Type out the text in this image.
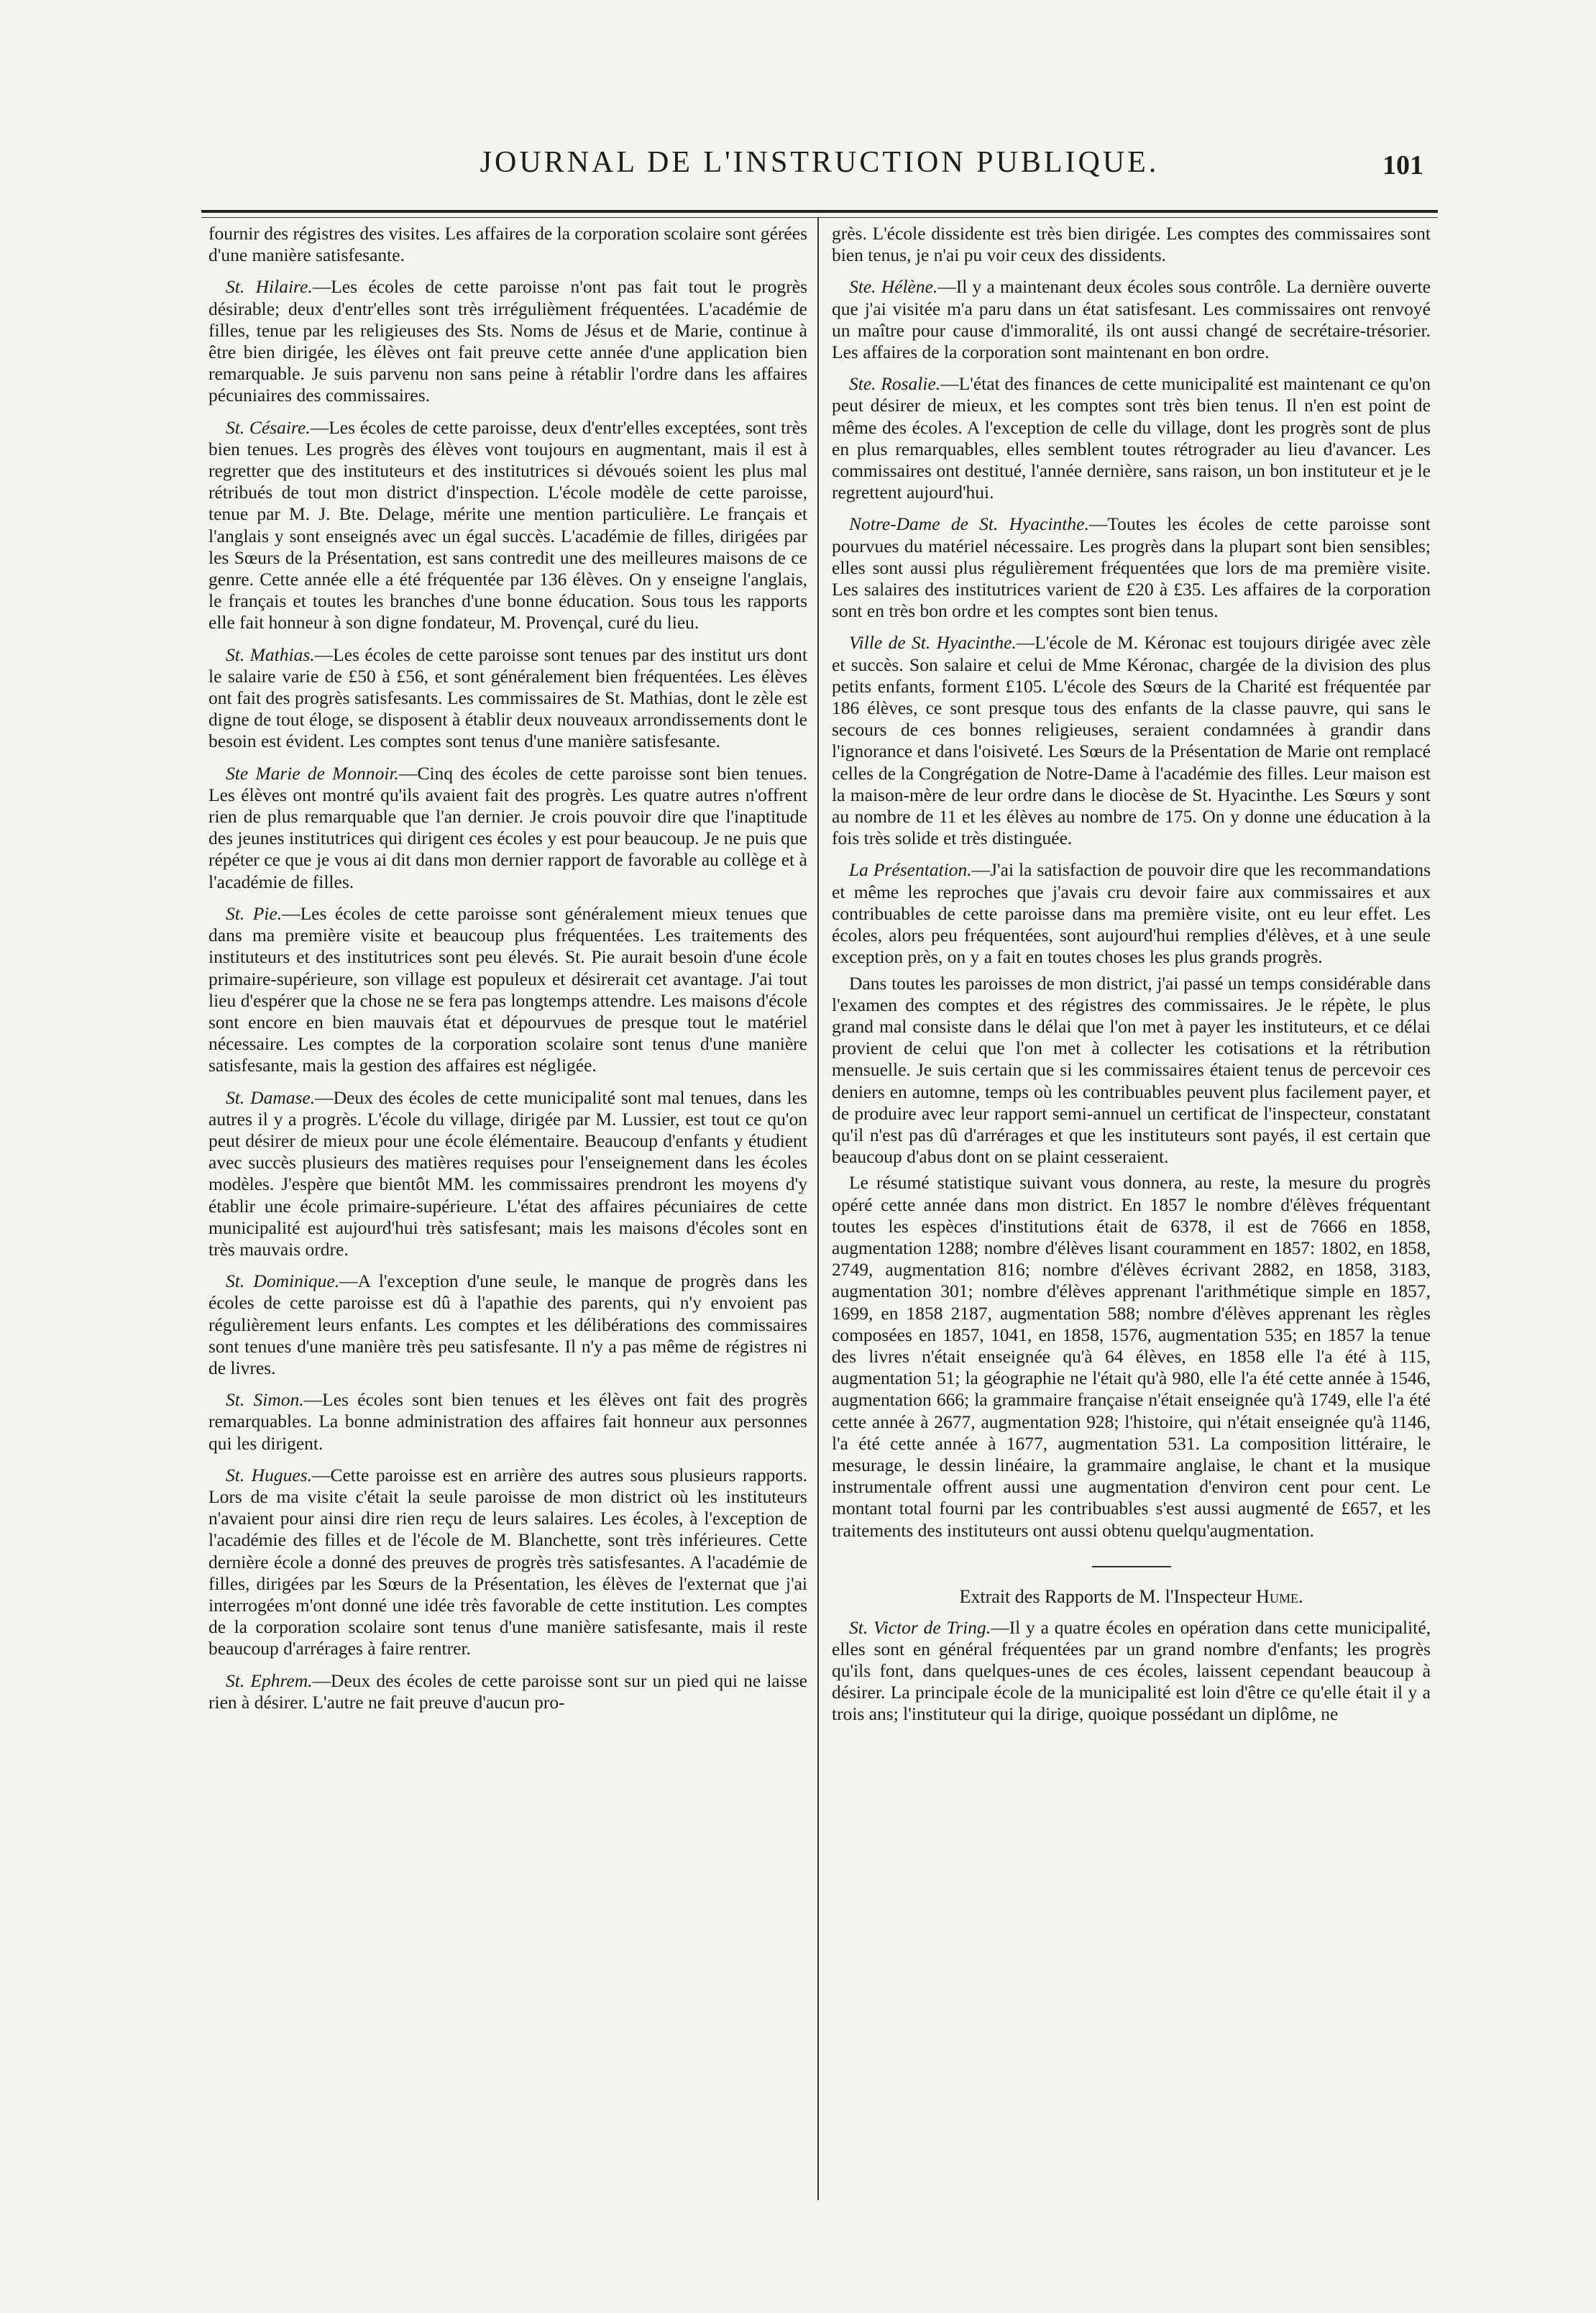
JOURNAL DE L'INSTRUCTION PUBLIQUE.	101

fournir des régistres des visites. Les affaires de la corporation scolaire sont gérées d'une manière satisfesante.

St. Hilaire.—Les écoles de cette paroisse n'ont pas fait tout le progrès désirable; deux d'entr'elles sont très irrégulièment fréquentées. L'académie de filles, tenue par les religieuses des Sts. Noms de Jésus et de Marie, continue à être bien dirigée, les élèves ont fait preuve cette année d'une application bien remarquable. Je suis parvenu non sans peine à rétablir l'ordre dans les affaires pécuniaires des commissaires.

St. Césaire.—Les écoles de cette paroisse, deux d'entr'elles exceptées, sont très bien tenues. Les progrès des élèves vont toujours en augmentant, mais il est à regretter que des instituteurs et des institutrices si dévoués soient les plus mal rétribués de tout mon district d'inspection. L'école modèle de cette paroisse, tenue par M. J. Bte. Delage, mérite une mention particulière. Le français et l'anglais y sont enseignés avec un égal succès. L'académie de filles, dirigées par les Sœurs de la Présentation, est sans contredit une des meilleures maisons de ce genre. Cette année elle a été fréquentée par 136 élèves. On y enseigne l'anglais, le français et toutes les branches d'une bonne éducation. Sous tous les rapports elle fait honneur à son digne fondateur, M. Provençal, curé du lieu.

St. Mathias.—Les écoles de cette paroisse sont tenues par des institut urs dont le salaire varie de £50 à £56, et sont généralement bien fréquentées. Les élèves ont fait des progrès satisfesants. Les commissaires de St. Mathias, dont le zèle est digne de tout éloge, se disposent à établir deux nouveaux arrondissements dont le besoin est évident. Les comptes sont tenus d'une manière satisfesante.

Ste Marie de Monnoir.—Cinq des écoles de cette paroisse sont bien tenues. Les élèves ont montré qu'ils avaient fait des progrès. Les quatre autres n'offrent rien de plus remarquable que l'an dernier. Je crois pouvoir dire que l'inaptitude des jeunes institutrices qui dirigent ces écoles y est pour beaucoup. Je ne puis que répéter ce que je vous ai dit dans mon dernier rapport de favorable au collège et à l'académie de filles.

St. Pie.—Les écoles de cette paroisse sont généralement mieux tenues que dans ma première visite et beaucoup plus fréquentées. Les traitements des instituteurs et des institutrices sont peu élevés. St. Pie aurait besoin d'une école primaire-supérieure, son village est populeux et désirerait cet avantage. J'ai tout lieu d'espérer que la chose ne se fera pas longtemps attendre. Les maisons d'école sont encore en bien mauvais état et dépourvues de presque tout le matériel nécessaire. Les comptes de la corporation scolaire sont tenus d'une manière satisfesante, mais la gestion des affaires est négligée.

St. Damase.—Deux des écoles de cette municipalité sont mal tenues, dans les autres il y a progrès. L'école du village, dirigée par M. Lussier, est tout ce qu'on peut désirer de mieux pour une école élémentaire. Beaucoup d'enfants y étudient avec succès plusieurs des matières requises pour l'enseignement dans les écoles modèles. J'espère que bientôt MM. les commissaires prendront les moyens d'y établir une école primaire-supérieure. L'état des affaires pécuniaires de cette municipalité est aujourd'hui très satisfesant; mais les maisons d'écoles sont en très mauvais ordre.

St. Dominique.—A l'exception d'une seule, le manque de progrès dans les écoles de cette paroisse est dû à l'apathie des parents, qui n'y envoient pas régulièrement leurs enfants. Les comptes et les délibérations des commissaires sont tenues d'une manière très peu satisfesante. Il n'y a pas même de régistres ni de livres.

St. Simon.—Les écoles sont bien tenues et les élèves ont fait des progrès remarquables. La bonne administration des affaires fait honneur aux personnes qui les dirigent.

St. Hugues.—Cette paroisse est en arrière des autres sous plusieurs rapports. Lors de ma visite c'était la seule paroisse de mon district où les instituteurs n'avaient pour ainsi dire rien reçu de leurs salaires. Les écoles, à l'exception de l'académie des filles et de l'école de M. Blanchette, sont très inférieures. Cette dernière école a donné des preuves de progrès très satisfesantes. A l'académie de filles, dirigées par les Sœurs de la Présentation, les élèves de l'externat que j'ai interrogées m'ont donné une idée très favorable de cette institution. Les comptes de la corporation scolaire sont tenus d'une manière satisfesante, mais il reste beaucoup d'arrérages à faire rentrer.

St. Ephrem.—Deux des écoles de cette paroisse sont sur un pied qui ne laisse rien à désirer. L'autre ne fait preuve d'aucun pro-

grès. L'école dissidente est très bien dirigée. Les comptes des commissaires sont bien tenus, je n'ai pu voir ceux des dissidents.

Ste. Hélène.—Il y a maintenant deux écoles sous contrôle. La dernière ouverte que j'ai visitée m'a paru dans un état satisfesant. Les commissaires ont renvoyé un maître pour cause d'immoralité, ils ont aussi changé de secrétaire-trésorier. Les affaires de la corporation sont maintenant en bon ordre.

Ste. Rosalie.—L'état des finances de cette municipalité est maintenant ce qu'on peut désirer de mieux, et les comptes sont très bien tenus. Il n'en est point de même des écoles. A l'exception de celle du village, dont les progrès sont de plus en plus remarquables, elles semblent toutes rétrograder au lieu d'avancer. Les commissaires ont destitué, l'année dernière, sans raison, un bon instituteur et je le regrettent aujourd'hui.

Notre-Dame de St. Hyacinthe.—Toutes les écoles de cette paroisse sont pourvues du matériel nécessaire. Les progrès dans la plupart sont bien sensibles; elles sont aussi plus régulièrement fréquentées que lors de ma première visite. Les salaires des institutrices varient de £20 à £35. Les affaires de la corporation sont en très bon ordre et les comptes sont bien tenus.

Ville de St. Hyacinthe.—L'école de M. Kéronac est toujours dirigée avec zèle et succès. Son salaire et celui de Mme Kéronac, chargée de la division des plus petits enfants, forment £105. L'école des Sœurs de la Charité est fréquentée par 186 élèves, ce sont presque tous des enfants de la classe pauvre, qui sans le secours de ces bonnes religieuses, seraient condamnées à grandir dans l'ignorance et dans l'oisiveté. Les Sœurs de la Présentation de Marie ont remplacé celles de la Congrégation de Notre-Dame à l'académie des filles. Leur maison est la maison-mère de leur ordre dans le diocèse de St. Hyacinthe. Les Sœurs y sont au nombre de 11 et les élèves au nombre de 175. On y donne une éducation à la fois très solide et très distinguée.

La Présentation.—J'ai la satisfaction de pouvoir dire que les recommandations et même les reproches que j'avais cru devoir faire aux commissaires et aux contribuables de cette paroisse dans ma première visite, ont eu leur effet. Les écoles, alors peu fréquentées, sont aujourd'hui remplies d'élèves, et à une seule exception près, on y a fait en toutes choses les plus grands progrès.

Dans toutes les paroisses de mon district, j'ai passé un temps considérable dans l'examen des comptes et des régistres des commissaires. Je le répète, le plus grand mal consiste dans le délai que l'on met à payer les instituteurs, et ce délai provient de celui que l'on met à collecter les cotisations et la rétribution mensuelle. Je suis certain que si les commissaires étaient tenus de percevoir ces deniers en automne, temps où les contribuables peuvent plus facilement payer, et de produire avec leur rapport semi-annuel un certificat de l'inspecteur, constatant qu'il n'est pas dû d'arrérages et que les instituteurs sont payés, il est certain que beaucoup d'abus dont on se plaint cesseraient.

Le résumé statistique suivant vous donnera, au reste, la mesure du progrès opéré cette année dans mon district. En 1857 le nombre d'élèves fréquentant toutes les espèces d'institutions était de 6378, il est de 7666 en 1858, augmentation 1288; nombre d'élèves lisant couramment en 1857: 1802, en 1858, 2749, augmentation 816; nombre d'élèves écrivant 2882, en 1858, 3183, augmentation 301; nombre d'élèves apprenant l'arithmétique simple en 1857, 1699, en 1858 2187, augmentation 588; nombre d'élèves apprenant les règles composées en 1857, 1041, en 1858, 1576, augmentation 535; en 1857 la tenue des livres n'était enseignée qu'à 64 élèves, en 1858 elle l'a été à 115, augmentation 51; la géographie ne l'était qu'à 980, elle l'a été cette année à 1546, augmentation 666; la grammaire française n'était enseignée qu'à 1749, elle l'a été cette année à 2677, augmentation 928; l'histoire, qui n'était enseignée qu'à 1146, l'a été cette année à 1677, augmentation 531. La composition littéraire, le mesurage, le dessin linéaire, la grammaire anglaise, le chant et la musique instrumentale offrent aussi une augmentation d'environ cent pour cent. Le montant total fourni par les contribuables s'est aussi augmenté de £657, et les traitements des instituteurs ont aussi obtenu quelqu'augmentation.

Extrait des Rapports de M. l'Inspecteur Hume.

St. Victor de Tring.—Il y a quatre écoles en opération dans cette municipalité, elles sont en général fréquentées par un grand nombre d'enfants; les progrès qu'ils font, dans quelques-unes de ces écoles, laissent cependant beaucoup à désirer. La principale école de la municipalité est loin d'être ce qu'elle était il y a trois ans; l'instituteur qui la dirige, quoique possédant un diplôme, ne
